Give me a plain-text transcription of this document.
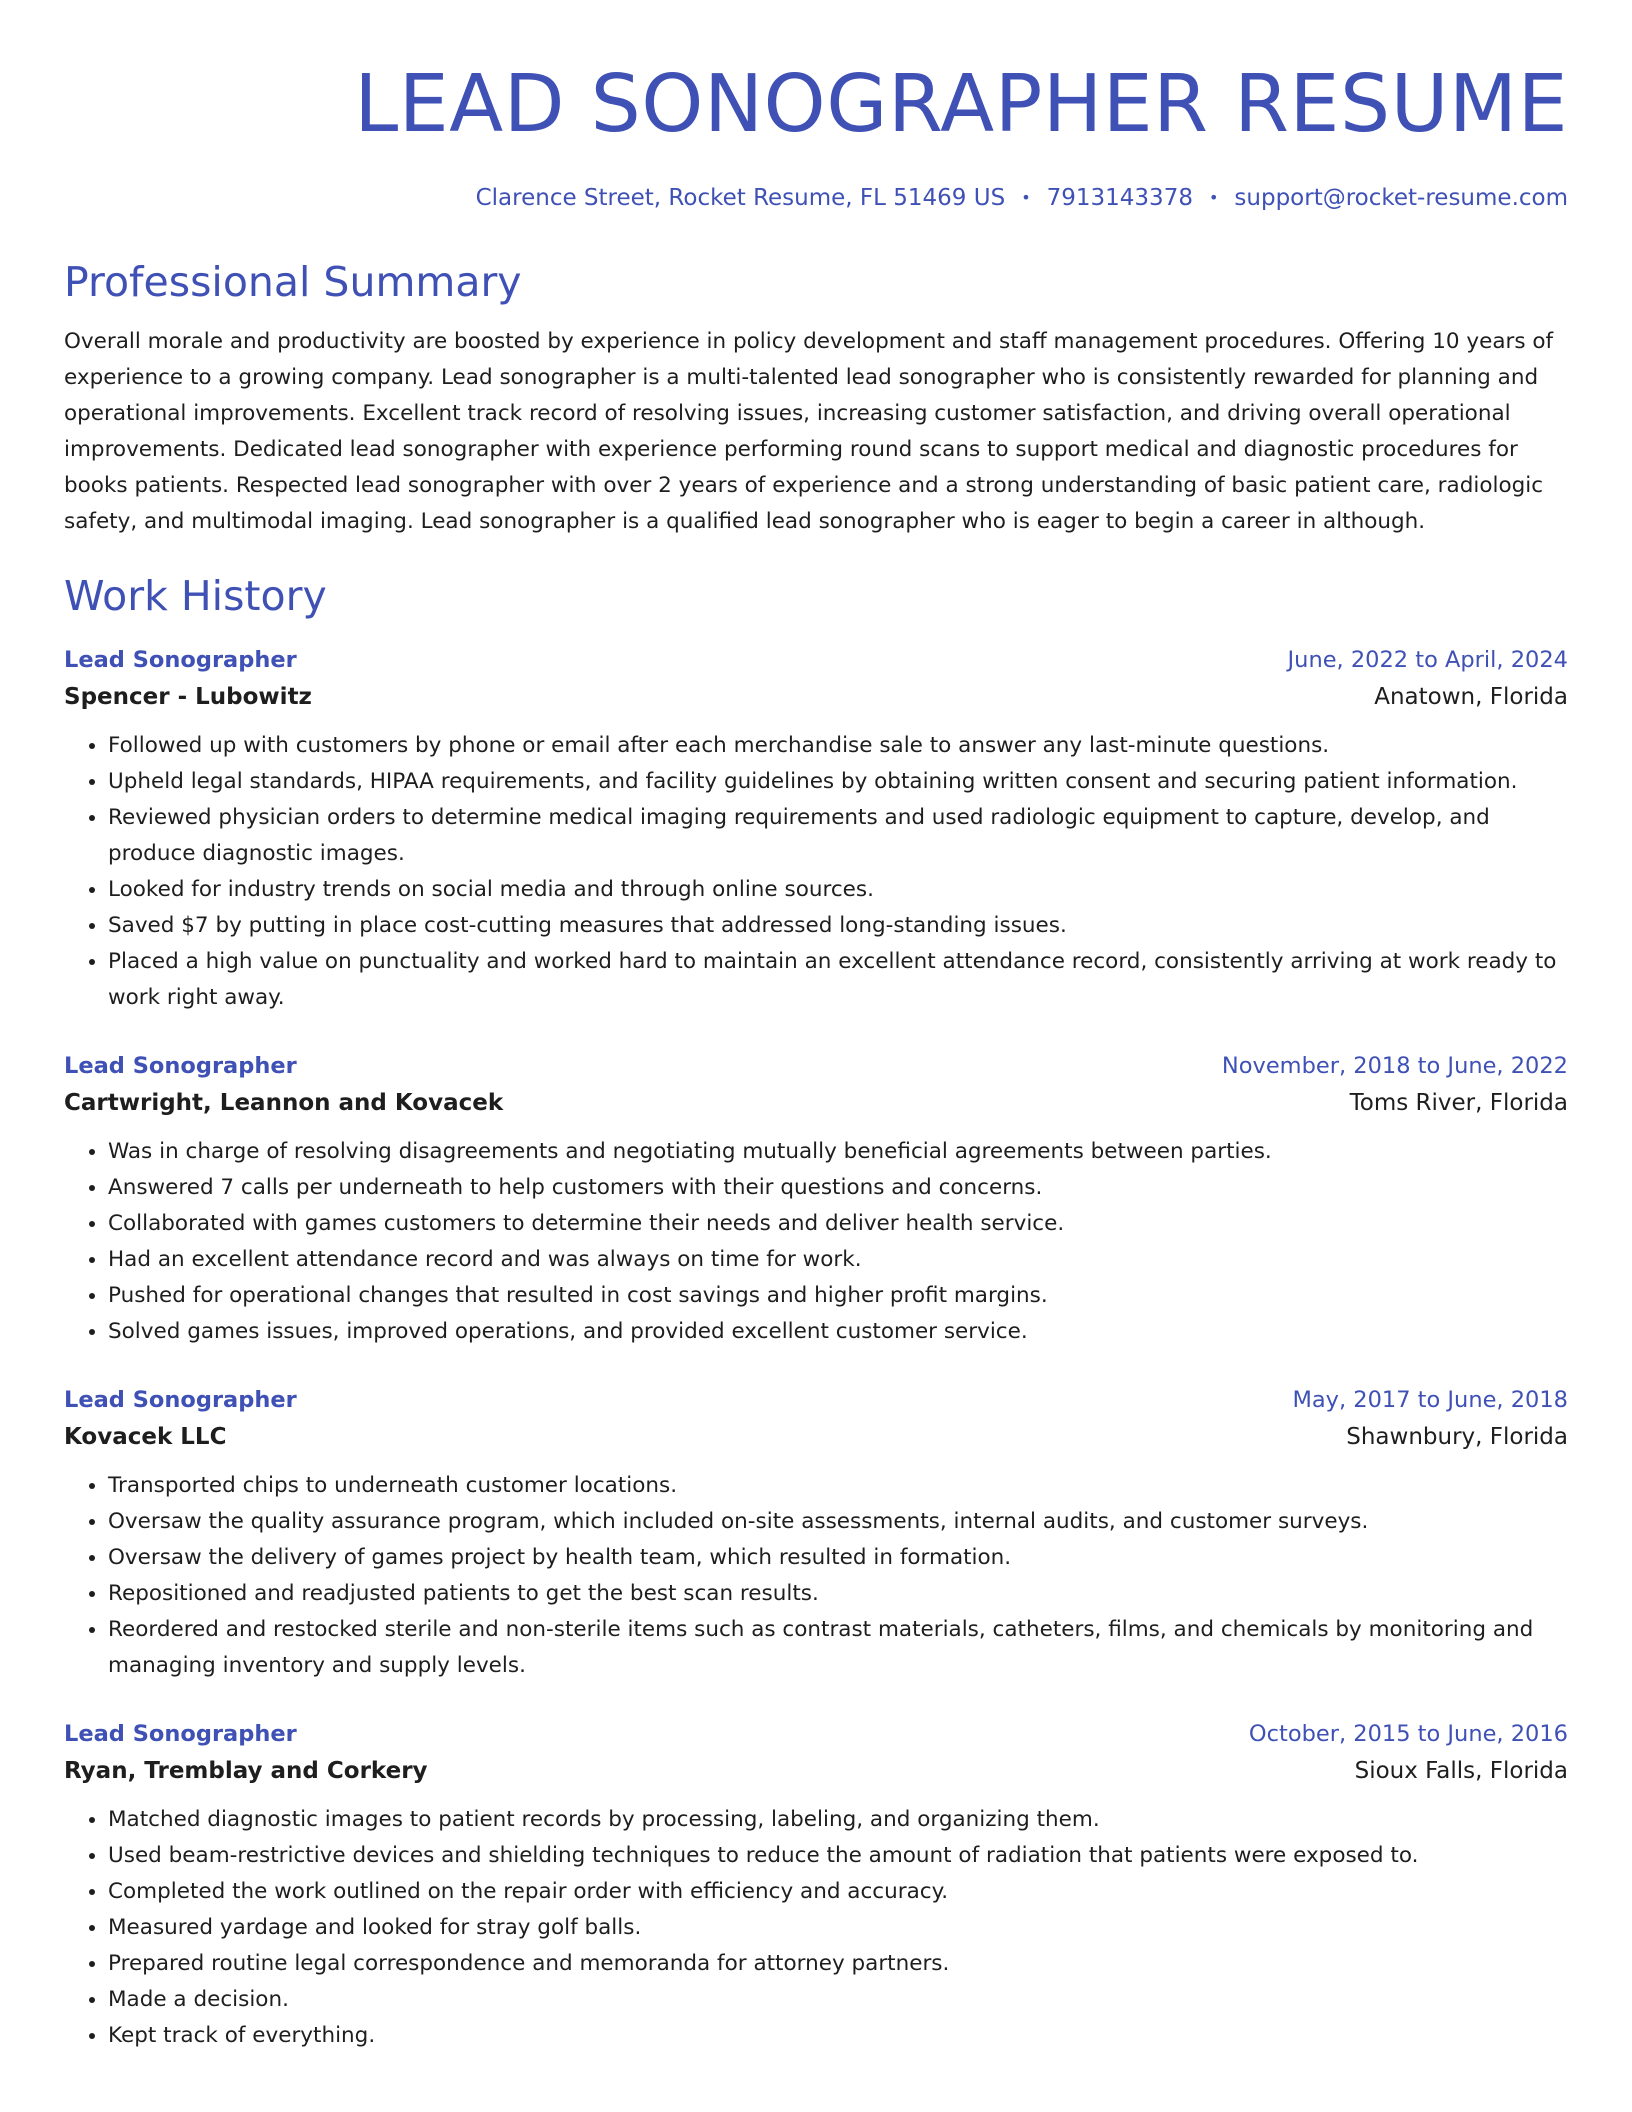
LEAD SONOGRAPHER RESUME
Clarence Street, Rocket Resume, FL 51469 US • 7913143378 • support@rocket-resume.com
Professional Summary

Overall morale and productivity are boosted by experience in policy development and staff management procedures. Offering 10 years of experience to a growing company. Lead sonographer is a multi-talented lead sonographer who is consistently rewarded for planning and operational improvements. Excellent track record of resolving issues, increasing customer satisfaction, and driving overall operational improvements. Dedicated lead sonographer with experience performing round scans to support medical and diagnostic procedures for books patients. Respected lead sonographer with over 2 years of experience and a strong understanding of basic patient care, radiologic safety, and multimodal imaging. Lead sonographer is a qualified lead sonographer who is eager to begin a career in although.

Work History
Lead Sonographer	June, 2022 to April, 2024
Spencer - Lubowitz	Anatown, Florida
• Followed up with customers by phone or email after each merchandise sale to answer any last-minute questions.
• Upheld legal standards, HIPAA requirements, and facility guidelines by obtaining written consent and securing patient information.
• Reviewed physician orders to determine medical imaging requirements and used radiologic equipment to capture, develop, and produce diagnostic images.
• Looked for industry trends on social media and through online sources.
• Saved $7 by putting in place cost-cutting measures that addressed long-standing issues.
• Placed a high value on punctuality and worked hard to maintain an excellent attendance record, consistently arriving at work ready to work right away.
Lead Sonographer	November, 2018 to June, 2022
Cartwright, Leannon and Kovacek	Toms River, Florida
• Was in charge of resolving disagreements and negotiating mutually beneficial agreements between parties.
• Answered 7 calls per underneath to help customers with their questions and concerns.
• Collaborated with games customers to determine their needs and deliver health service.
• Had an excellent attendance record and was always on time for work.
• Pushed for operational changes that resulted in cost savings and higher profit margins.
• Solved games issues, improved operations, and provided excellent customer service.
Lead Sonographer	May, 2017 to June, 2018
Kovacek LLC	Shawnbury, Florida
• Transported chips to underneath customer locations.
• Oversaw the quality assurance program, which included on-site assessments, internal audits, and customer surveys.
• Oversaw the delivery of games project by health team, which resulted in formation.
• Repositioned and readjusted patients to get the best scan results.
• Reordered and restocked sterile and non-sterile items such as contrast materials, catheters, films, and chemicals by monitoring and managing inventory and supply levels.
Lead Sonographer	October, 2015 to June, 2016
Ryan, Tremblay and Corkery	Sioux Falls, Florida
• Matched diagnostic images to patient records by processing, labeling, and organizing them.
• Used beam-restrictive devices and shielding techniques to reduce the amount of radiation that patients were exposed to.
• Completed the work outlined on the repair order with efficiency and accuracy.
• Measured yardage and looked for stray golf balls.
• Prepared routine legal correspondence and memoranda for attorney partners.
• Made a decision.
• Kept track of everything.
